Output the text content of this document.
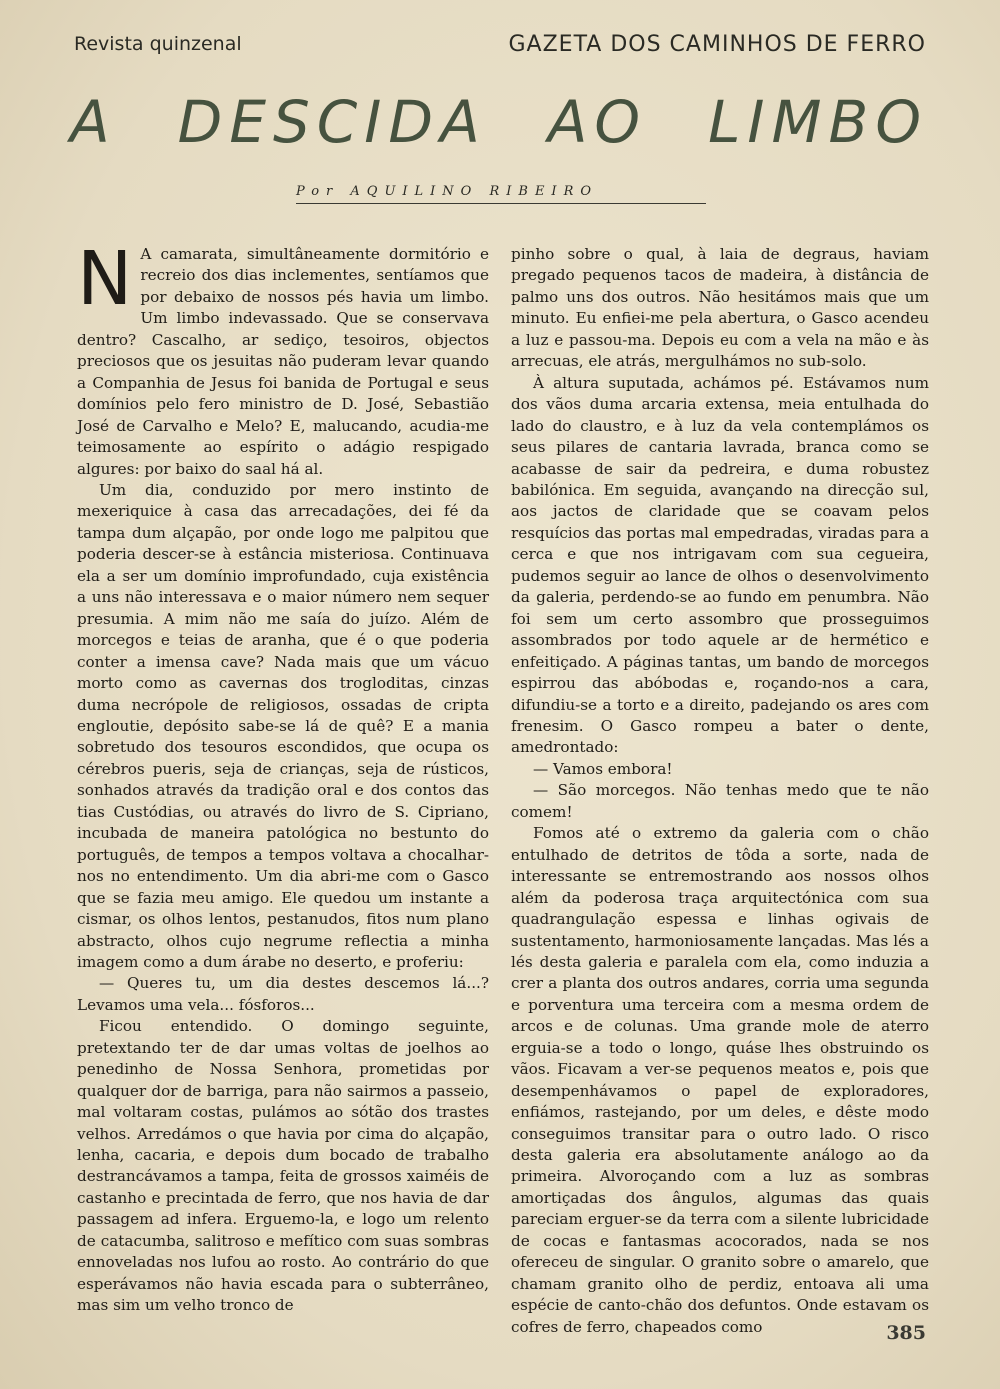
Revista quinzenal	GAZETA DOS CAMINHOS DE FERRO
A DESCIDA AO LIMBO
Por AQUILINO RIBEIRO
N A camarata, simultâneamente dormitório e recreio dos dias inclementes, sentíamos que por debaixo de nossos pés havia um limbo. Um limbo indevassado. Que se conservava dentro? Cascalho, ar sediço, tesoiros, objectos preciosos que os jesuitas não puderam levar quando a Companhia de Jesus foi banida de Portugal e seus domínios pelo fero ministro de D. José, Sebastião José de Carvalho e Melo? E, malucando, acudia-me teimosamente ao espírito o adágio respigado algures: por baixo do saal há al.

Um dia, conduzido por mero instinto de mexeriquice à casa das arrecadações, dei fé da tampa dum alçapão, por onde logo me palpitou que poderia descer-se à estância misteriosa. Continuava ela a ser um domínio improfundado, cuja existência a uns não interessava e o maior número nem sequer presumia. A mim não me saía do juízo. Além de morcegos e teias de aranha, que é o que poderia conter a imensa cave? Nada mais que um vácuo morto como as cavernas dos trogloditas, cinzas duma necrópole de religiosos, ossadas de cripta engloutie, depósito sabe-se lá de quê? E a mania sobretudo dos tesouros escondidos, que ocupa os cérebros pueris, seja de crianças, seja de rústicos, sonhados através da tradição oral e dos contos das tias Custódias, ou através do livro de S. Cipriano, incubada de maneira patológica no bestunto do português, de tempos a tempos voltava a chocalhar-nos no entendimento. Um dia abri-me com o Gasco que se fazia meu amigo. Ele quedou um instante a cismar, os olhos lentos, pestanudos, fitos num plano abstracto, olhos cujo negrume reflectia a minha imagem como a dum árabe no deserto, e proferiu:

— Queres tu, um dia destes descemos lá...? Levamos uma vela... fósforos...

Ficou entendido. O domingo seguinte, pretextando ter de dar umas voltas de joelhos ao penedinho de Nossa Senhora, prometidas por qualquer dor de barriga, para não sairmos a passeio, mal voltaram costas, pulámos ao sótão dos trastes velhos. Arredámos o que havia por cima do alçapão, lenha, cacaria, e depois dum bocado de trabalho destrancávamos a tampa, feita de grossos xaiméis de castanho e precintada de ferro, que nos havia de dar passagem ad infera. Erguemo-la, e logo um relento de catacumba, salitroso e mefítico com suas sombras ennoveladas nos lufou ao rosto. Ao contrário do que esperávamos não havia escada para o subterrâneo, mas sim um velho tronco de

pinho sobre o qual, à laia de degraus, haviam pregado pequenos tacos de madeira, à distância de palmo uns dos outros. Não hesitámos mais que um minuto. Eu enfiei-me pela abertura, o Gasco acendeu a luz e passou-ma. Depois eu com a vela na mão e às arrecuas, ele atrás, mergulhámos no sub-solo.

À altura suputada, achámos pé. Estávamos num dos vãos duma arcaria extensa, meia entulhada do lado do claustro, e à luz da vela contemplámos os seus pilares de cantaria lavrada, branca como se acabasse de sair da pedreira, e duma robustez babilónica. Em seguida, avançando na direcção sul, aos jactos de claridade que se coavam pelos resquícios das portas mal empedradas, viradas para a cerca e que nos intrigavam com sua cegueira, pudemos seguir ao lance de olhos o desenvolvimento da galeria, perdendo-se ao fundo em penumbra. Não foi sem um certo assombro que prosseguimos assombrados por todo aquele ar de hermético e enfeitiçado. A páginas tantas, um bando de morcegos espirrou das abóbodas e, roçando-nos a cara, difundiu-se a torto e a direito, padejando os ares com frenesim. O Gasco rompeu a bater o dente, amedrontado:

— Vamos embora!

— São morcegos. Não tenhas medo que te não comem!

Fomos até o extremo da galeria com o chão entulhado de detritos de tôda a sorte, nada de interessante se entremostrando aos nossos olhos além da poderosa traça arquitectónica com sua quadrangulação espessa e linhas ogivais de sustentamento, harmoniosamente lançadas. Mas lés a lés desta galeria e paralela com ela, como induzia a crer a planta dos outros andares, corria uma segunda e porventura uma terceira com a mesma ordem de arcos e de colunas. Uma grande mole de aterro erguia-se a todo o longo, quáse lhes obstruindo os vãos. Ficavam a ver-se pequenos meatos e, pois que desempenhávamos o papel de exploradores, enfiámos, rastejando, por um deles, e dêste modo conseguimos transitar para o outro lado. O risco desta galeria era absolutamente análogo ao da primeira. Alvoroçando com a luz as sombras amortiçadas dos ângulos, algumas das quais pareciam erguer-se da terra com a silente lubricidade de cocas e fantasmas acocorados, nada se nos ofereceu de singular. O granito sobre o amarelo, que chamam granito olho de perdiz, entoava ali uma espécie de canto-chão dos defuntos. Onde estavam os cofres de ferro, chapeados como	385
